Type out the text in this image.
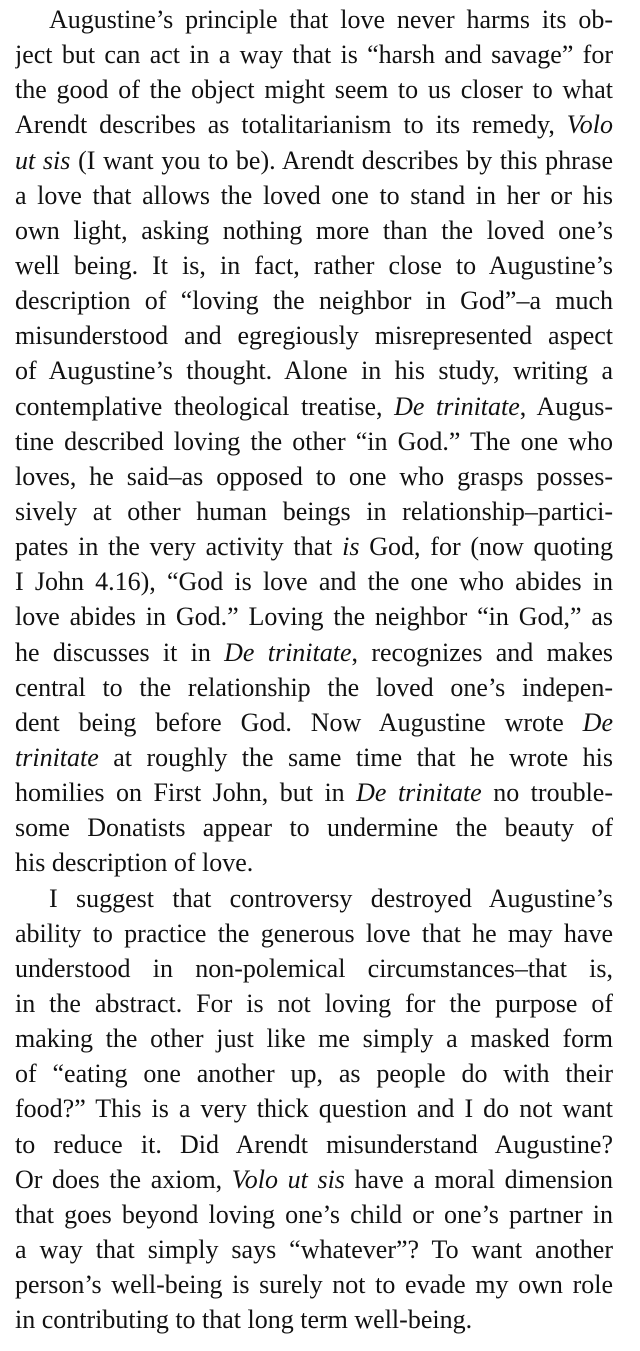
Augustine’s principle that love never harms its ob-
ject but can act in a way that is “harsh and savage” for
the good of the object might seem to us closer to what
Arendt describes as totalitarianism to its remedy, Volo
ut sis (I want you to be). Arendt describes by this phrase
a love that allows the loved one to stand in her or his
own light, asking nothing more than the loved one’s
well being. It is, in fact, rather close to Augustine’s
description of “loving the neighbor in God”–a much
misunderstood and egregiously misrepresented aspect
of Augustine’s thought. Alone in his study, writing a
contemplative theological treatise, De trinitate, Augus-
tine described loving the other “in God.” The one who
loves, he said–as opposed to one who grasps posses-
sively at other human beings in relationship–partici-
pates in the very activity that is God, for (now quoting
I John 4.16), “God is love and the one who abides in
love abides in God.” Loving the neighbor “in God,” as
he discusses it in De trinitate, recognizes and makes
central to the relationship the loved one’s indepen-
dent being before God. Now Augustine wrote De
trinitate at roughly the same time that he wrote his
homilies on First John, but in De trinitate no trouble-
some Donatists appear to undermine the beauty of
his description of love.
I suggest that controversy destroyed Augustine’s
ability to practice the generous love that he may have
understood in non-polemical circumstances–that is,
in the abstract. For is not loving for the purpose of
making the other just like me simply a masked form
of “eating one another up, as people do with their
food?” This is a very thick question and I do not want
to reduce it. Did Arendt misunderstand Augustine?
Or does the axiom, Volo ut sis have a moral dimension
that goes beyond loving one’s child or one’s partner in
a way that simply says “whatever”? To want another
person’s well-being is surely not to evade my own role
in contributing to that long term well-being.
